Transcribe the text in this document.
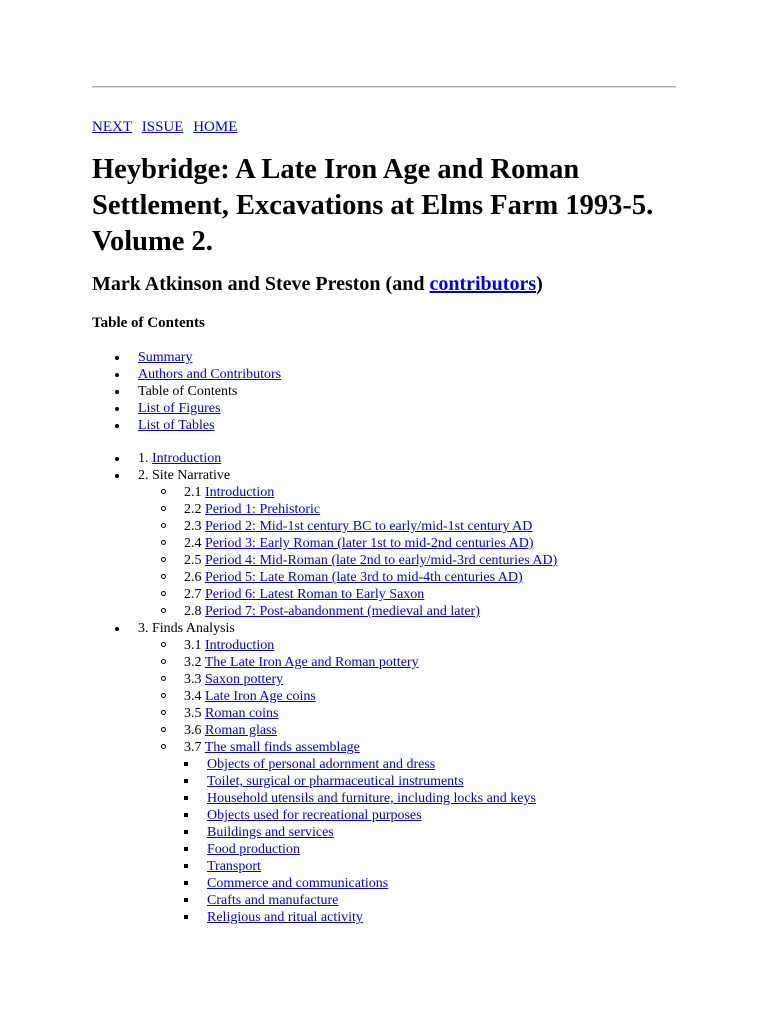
NEXT ISSUE HOME
Heybridge: A Late Iron Age and Roman Settlement, Excavations at Elms Farm 1993-5. Volume 2.
Mark Atkinson and Steve Preston (and contributors)
Table of Contents
Summary
Authors and Contributors
Table of Contents
List of Figures
List of Tables
1. Introduction
2. Site Narrative
2.1 Introduction
2.2 Period 1: Prehistoric
2.3 Period 2: Mid-1st century BC to early/mid-1st century AD
2.4 Period 3: Early Roman (later 1st to mid-2nd centuries AD)
2.5 Period 4: Mid-Roman (late 2nd to early/mid-3rd centuries AD)
2.6 Period 5: Late Roman (late 3rd to mid-4th centuries AD)
2.7 Period 6: Latest Roman to Early Saxon
2.8 Period 7: Post-abandonment (medieval and later)
3. Finds Analysis
3.1 Introduction
3.2 The Late Iron Age and Roman pottery
3.3 Saxon pottery
3.4 Late Iron Age coins
3.5 Roman coins
3.6 Roman glass
3.7 The small finds assemblage
Objects of personal adornment and dress
Toilet, surgical or pharmaceutical instruments
Household utensils and furniture, including locks and keys
Objects used for recreational purposes
Buildings and services
Food production
Transport
Commerce and communications
Crafts and manufacture
Religious and ritual activity
